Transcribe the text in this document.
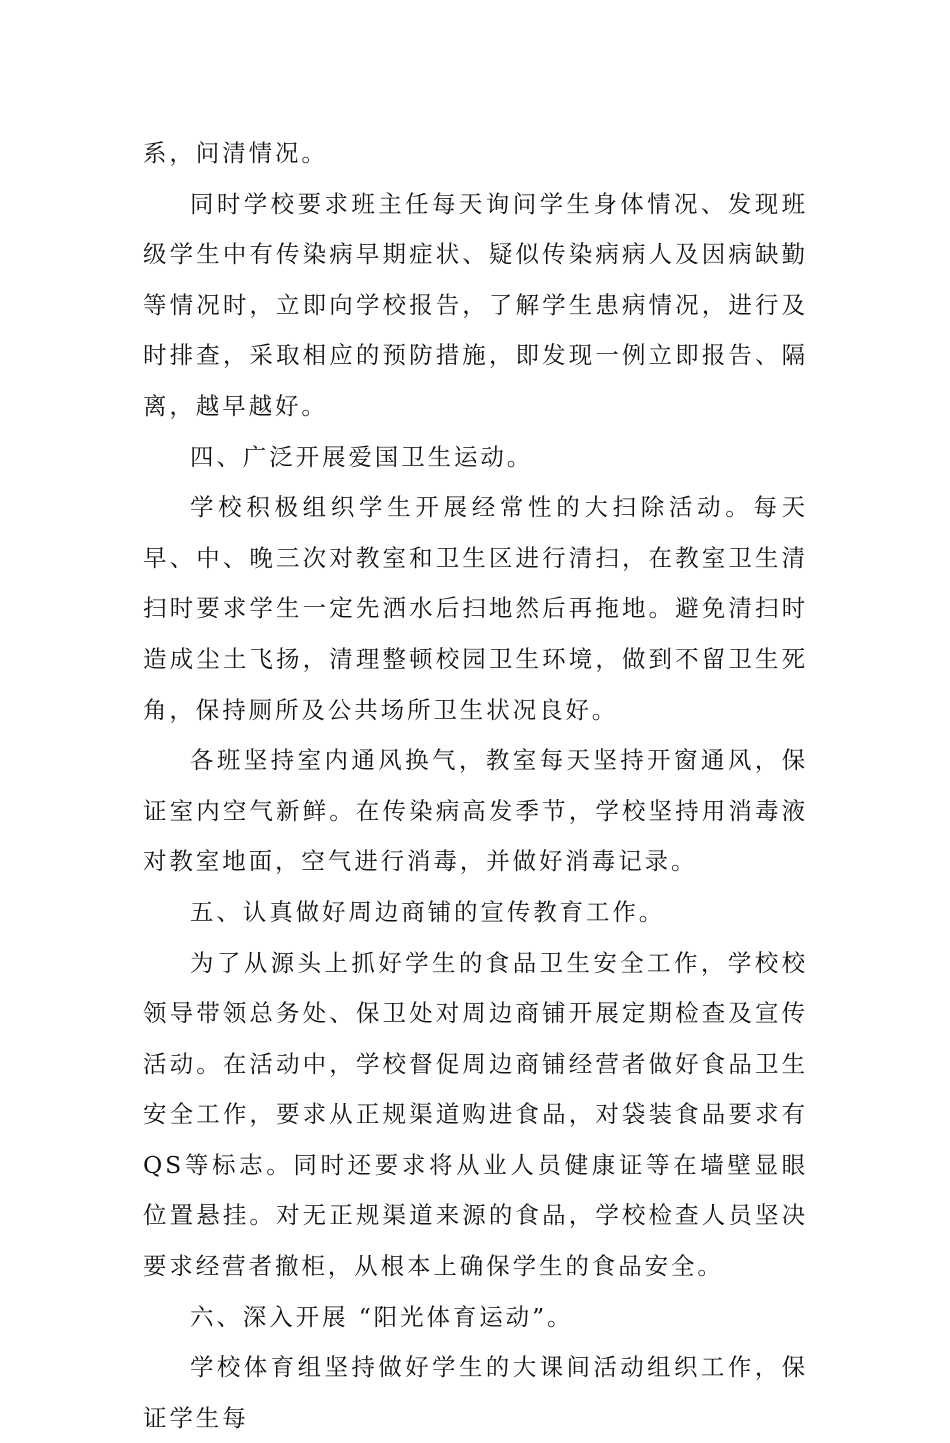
系，问清情况。

同时学校要求班主任每天询问学生身体情况、发现班级学生中有传染病早期症状、疑似传染病病人及因病缺勤等情况时，立即向学校报告，了解学生患病情况，进行及时排查，采取相应的预防措施，即发现一例立即报告、隔离，越早越好。

四、广泛开展爱国卫生运动。

学校积极组织学生开展经常性的大扫除活动。每天早、中、晚三次对教室和卫生区进行清扫，在教室卫生清扫时要求学生一定先洒水后扫地然后再拖地。避免清扫时造成尘土飞扬，清理整顿校园卫生环境，做到不留卫生死角，保持厕所及公共场所卫生状况良好。

各班坚持室内通风换气，教室每天坚持开窗通风，保证室内空气新鲜。在传染病高发季节，学校坚持用消毒液对教室地面，空气进行消毒，并做好消毒记录。

五、认真做好周边商铺的宣传教育工作。

为了从源头上抓好学生的食品卫生安全工作，学校校领导带领总务处、保卫处对周边商铺开展定期检查及宣传活动。在活动中，学校督促周边商铺经营者做好食品卫生安全工作，要求从正规渠道购进食品，对袋装食品要求有QS等标志。同时还要求将从业人员健康证等在墙壁显眼位置悬挂。对无正规渠道来源的食品，学校检查人员坚决要求经营者撤柜，从根本上确保学生的食品安全。

六、深入开展 “阳光体育运动”。

学校体育组坚持做好学生的大课间活动组织工作，保证学生每
